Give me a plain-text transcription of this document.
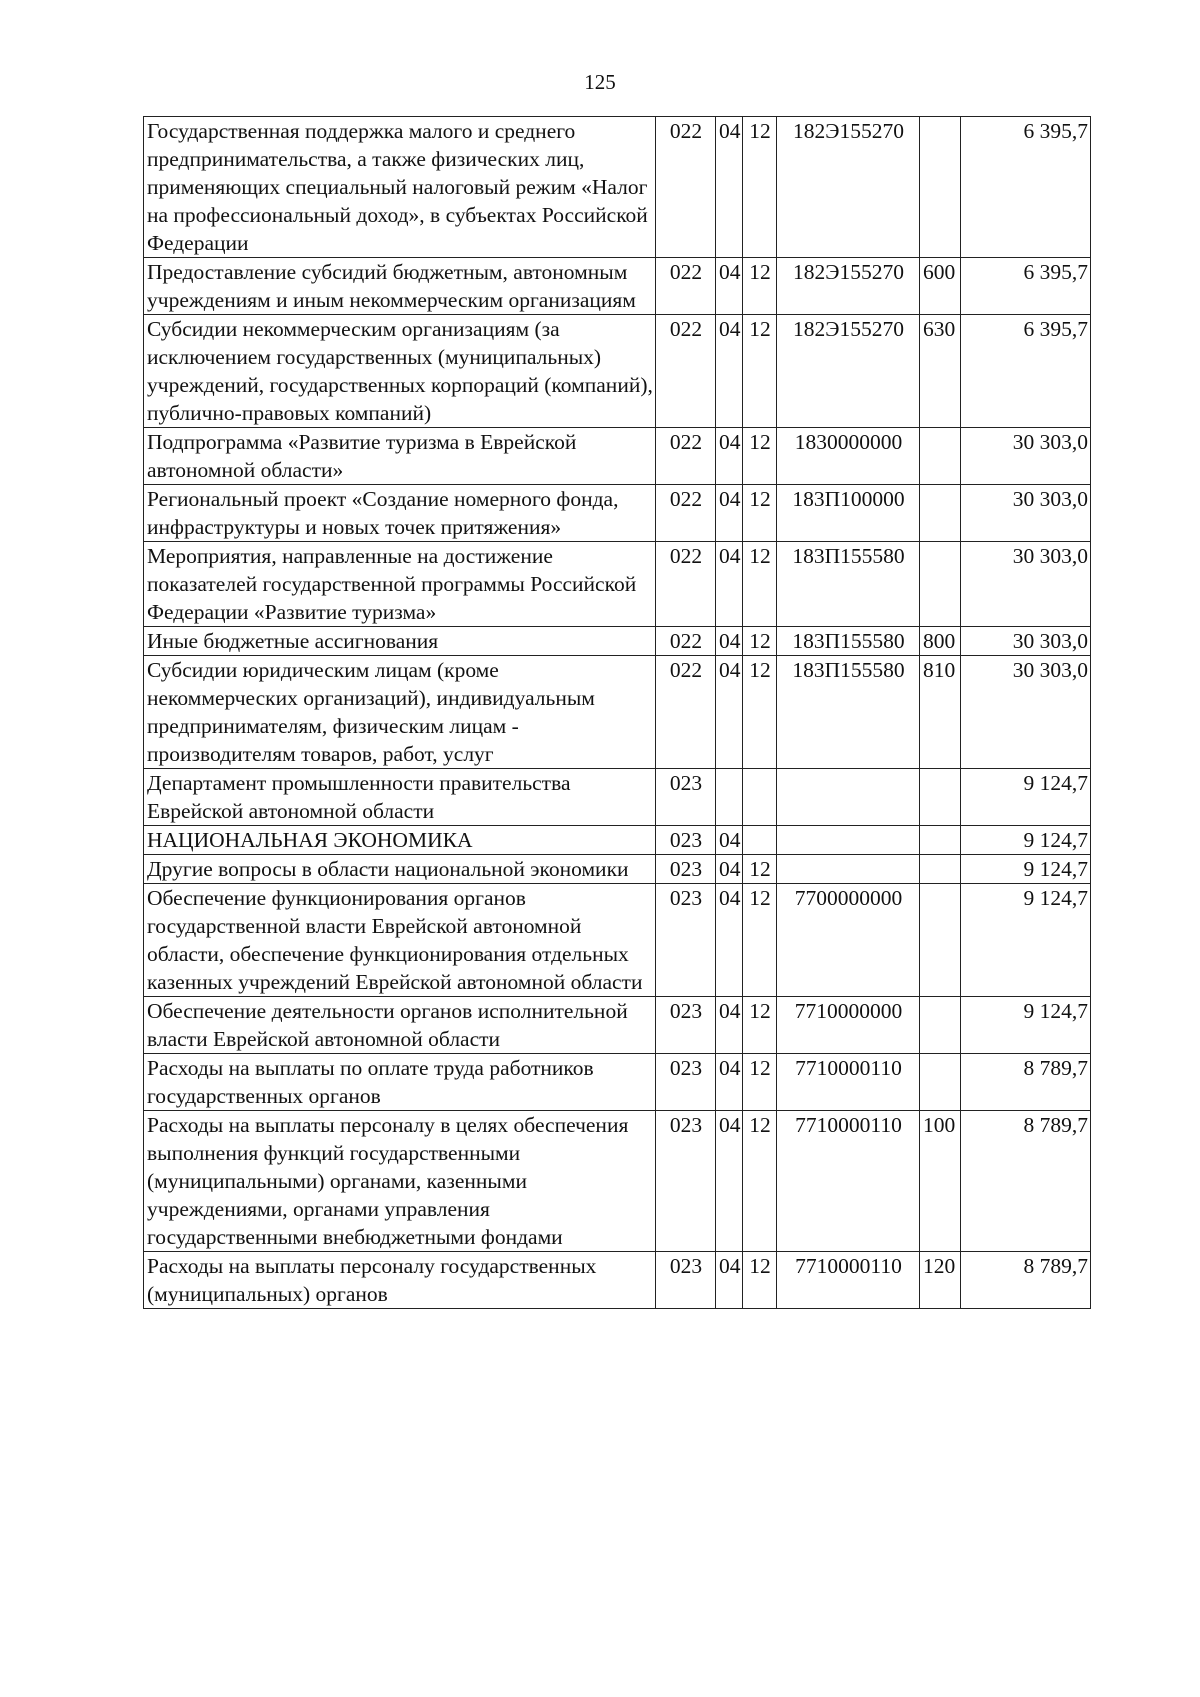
125
Государственная поддержка малого и среднего предпринимательства, а также физических лиц, применяющих специальный налоговый режим «Налог на профессиональный доход», в субъектах Российской Федерации	022	04	12	182Э155270		6 395,7
Предоставление субсидий бюджетным, автономным учреждениям и иным некоммерческим организациям	022	04	12	182Э155270	600	6 395,7
Субсидии некоммерческим организациям (за исключением государственных (муниципальных) учреждений, государственных корпораций (компаний), публично-правовых компаний)	022	04	12	182Э155270	630	6 395,7
Подпрограмма «Развитие туризма в Еврейской автономной области»	022	04	12	1830000000		30 303,0
Региональный проект «Создание номерного фонда, инфраструктуры и новых точек притяжения»	022	04	12	183П100000		30 303,0
Мероприятия, направленные на достижение показателей государственной программы Российской Федерации «Развитие туризма»	022	04	12	183П155580		30 303,0
Иные бюджетные ассигнования	022	04	12	183П155580	800	30 303,0
Субсидии юридическим лицам (кроме некоммерческих организаций), индивидуальным предпринимателям, физическим лицам - производителям товаров, работ, услуг	022	04	12	183П155580	810	30 303,0
Департамент промышленности правительства Еврейской автономной области	023					9 124,7
НАЦИОНАЛЬНАЯ ЭКОНОМИКА	023	04				9 124,7
Другие вопросы в области национальной экономики	023	04	12			9 124,7
Обеспечение функционирования органов государственной власти Еврейской автономной области, обеспечение функционирования отдельных казенных учреждений Еврейской автономной области	023	04	12	7700000000		9 124,7
Обеспечение деятельности органов исполнительной власти Еврейской автономной области	023	04	12	7710000000		9 124,7
Расходы на выплаты по оплате труда работников государственных органов	023	04	12	7710000110		8 789,7
Расходы на выплаты персоналу в целях обеспечения выполнения функций государственными (муниципальными) органами, казенными учреждениями, органами управления государственными внебюджетными фондами	023	04	12	7710000110	100	8 789,7
Расходы на выплаты персоналу государственных (муниципальных) органов	023	04	12	7710000110	120	8 789,7
